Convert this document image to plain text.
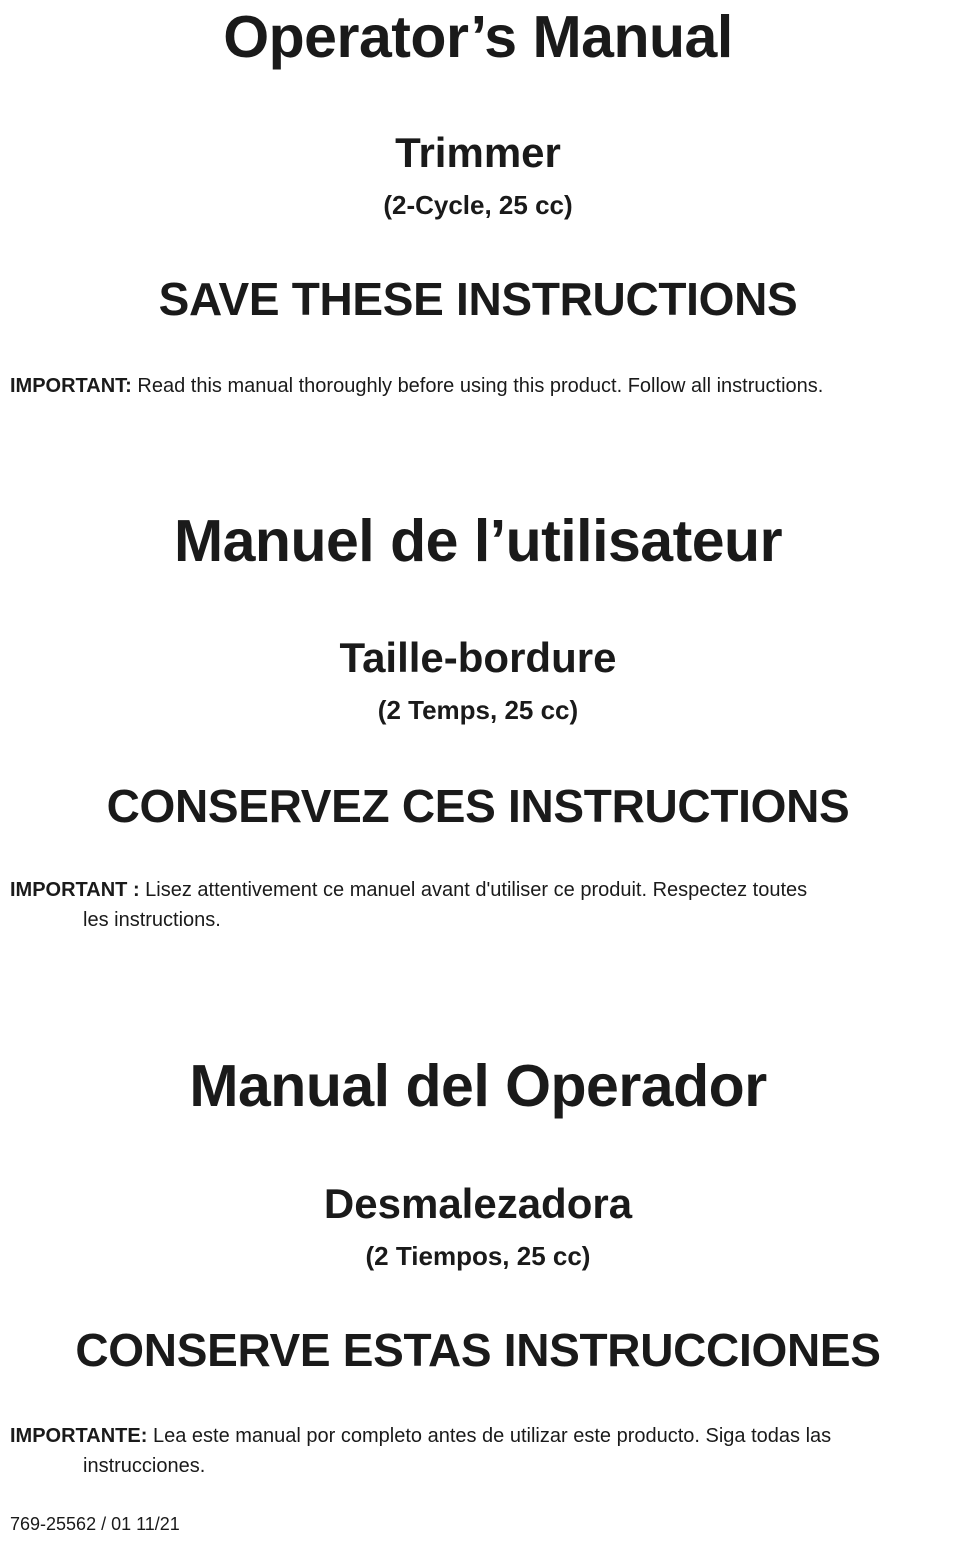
Operator’s Manual
Trimmer
(2-Cycle, 25 cc)
SAVE THESE INSTRUCTIONS
IMPORTANT: Read this manual thoroughly before using this product. Follow all instructions.
Manuel de l’utilisateur
Taille-bordure
(2 Temps, 25 cc)
CONSERVEZ CES INSTRUCTIONS
IMPORTANT : Lisez attentivement ce manuel avant d'utiliser ce produit. Respectez toutes
les instructions.
Manual del Operador
Desmalezadora
(2 Tiempos, 25 cc)
CONSERVE ESTAS INSTRUCCIONES
IMPORTANTE: Lea este manual por completo antes de utilizar este producto. Siga todas las
instrucciones.
769-25562 / 01 11/21
